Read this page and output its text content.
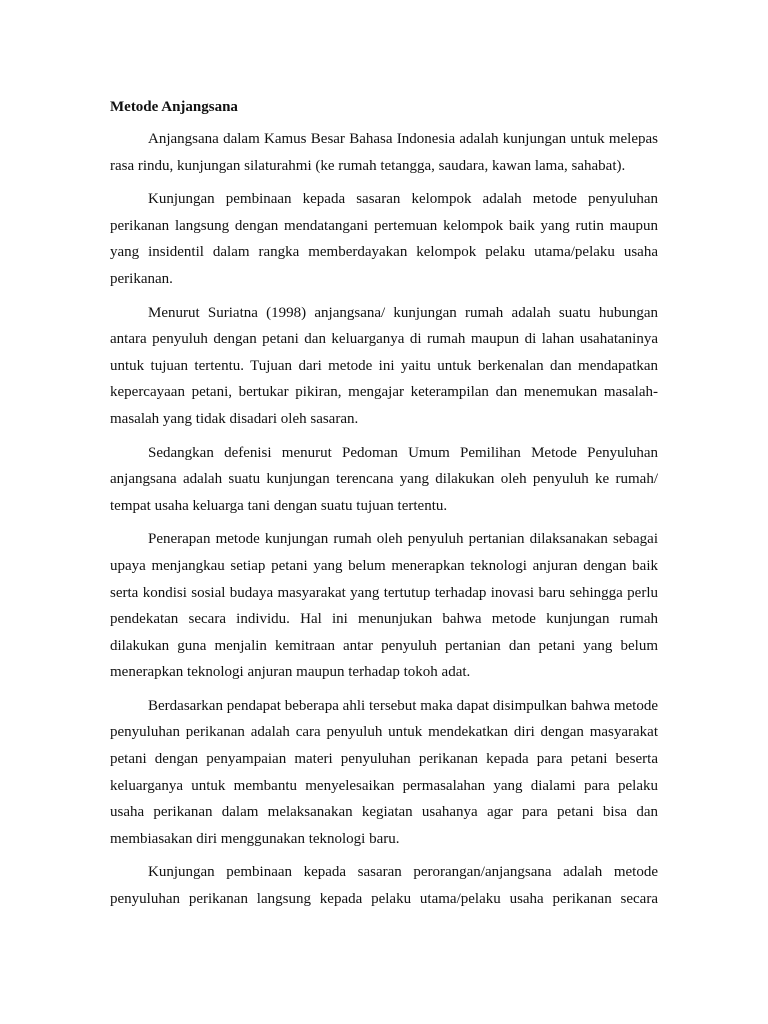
Metode Anjangsana

Anjangsana dalam Kamus Besar Bahasa Indonesia adalah kunjungan untuk melepas rasa rindu, kunjungan silaturahmi (ke rumah tetangga, saudara, kawan lama, sahabat).

Kunjungan pembinaan kepada sasaran kelompok adalah metode penyuluhan perikanan langsung dengan mendatangani pertemuan kelompok baik yang rutin maupun yang insidentil dalam rangka memberdayakan kelompok pelaku utama/pelaku usaha perikanan.

Menurut Suriatna (1998) anjangsana/ kunjungan rumah adalah suatu hubungan antara penyuluh dengan petani dan keluarganya di rumah maupun di lahan usahataninya untuk tujuan tertentu. Tujuan dari metode ini yaitu untuk berkenalan dan mendapatkan kepercayaan petani, bertukar pikiran, mengajar keterampilan dan menemukan masalah-masalah yang tidak disadari oleh sasaran.

Sedangkan defenisi menurut Pedoman Umum Pemilihan Metode Penyuluhan anjangsana adalah suatu kunjungan terencana yang dilakukan oleh penyuluh ke rumah/ tempat usaha keluarga tani dengan suatu tujuan tertentu.

Penerapan metode kunjungan rumah oleh penyuluh pertanian dilaksanakan sebagai upaya menjangkau setiap petani yang belum menerapkan teknologi anjuran dengan baik serta kondisi sosial budaya masyarakat yang tertutup terhadap inovasi baru sehingga perlu pendekatan secara individu. Hal ini menunjukan bahwa metode kunjungan rumah dilakukan guna menjalin kemitraan antar penyuluh pertanian dan petani yang belum menerapkan teknologi anjuran maupun terhadap tokoh adat.

Berdasarkan pendapat beberapa ahli tersebut maka dapat disimpulkan bahwa metode penyuluhan perikanan adalah cara penyuluh untuk mendekatkan diri dengan masyarakat petani dengan penyampaian materi penyuluhan perikanan kepada para petani beserta keluarganya untuk membantu menyelesaikan permasalahan yang dialami para pelaku usaha perikanan dalam melaksanakan kegiatan usahanya agar para petani bisa dan membiasakan diri menggunakan teknologi baru.

Kunjungan pembinaan kepada sasaran perorangan/anjangsana adalah metode penyuluhan perikanan langsung kepada pelaku utama/pelaku usaha perikanan secara
